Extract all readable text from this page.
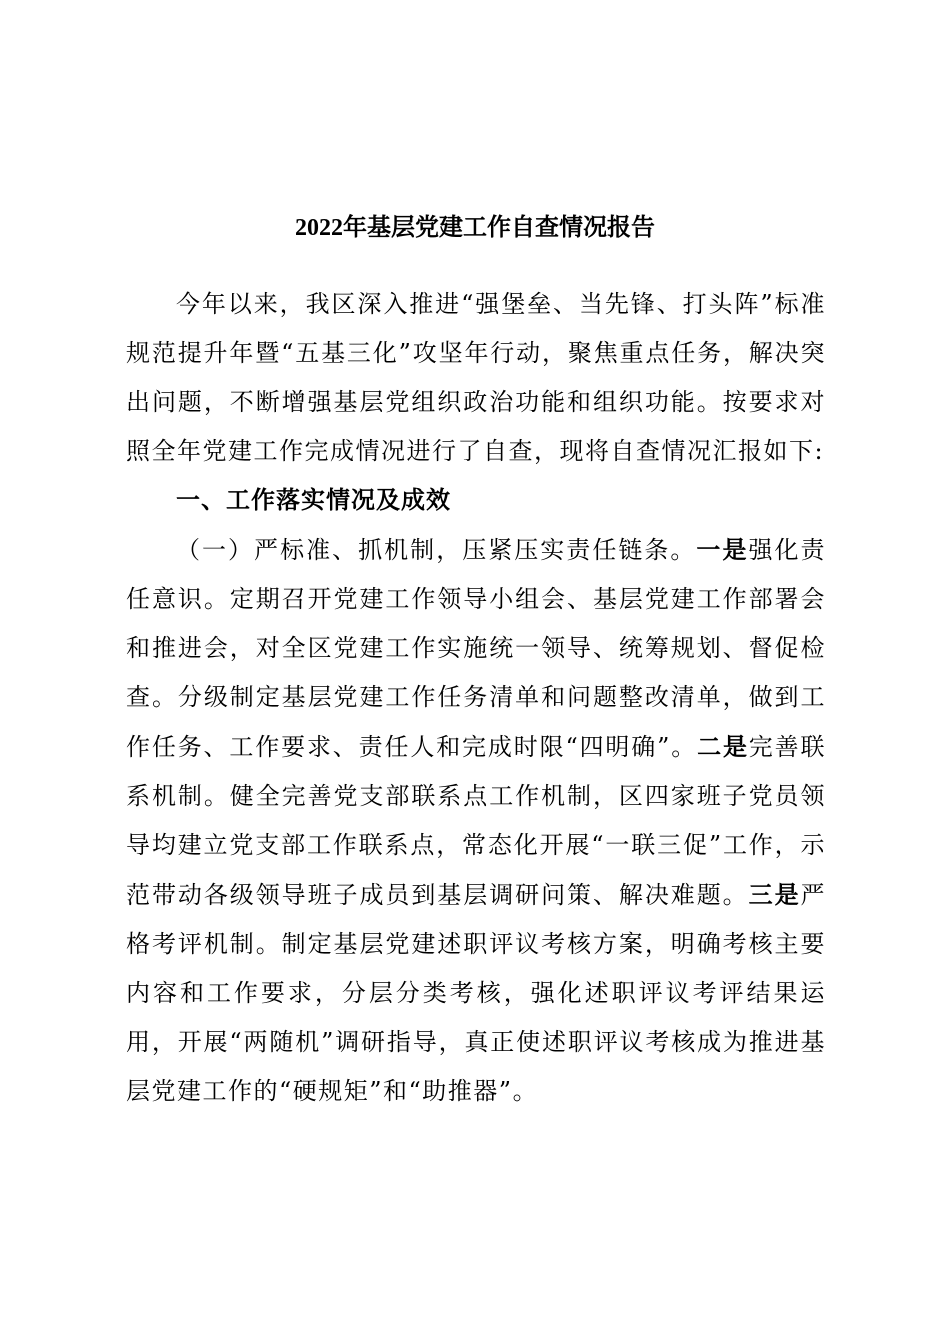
2022年基层党建工作自查情况报告

今年以来，我区深入推进“强堡垒、当先锋、打头阵”标准规范提升年暨“五基三化”攻坚年行动，聚焦重点任务，解决突出问题，不断增强基层党组织政治功能和组织功能。按要求对照全年党建工作完成情况进行了自查，现将自查情况汇报如下:

一、工作落实情况及成效

（一）严标准、抓机制，压紧压实责任链条。一是强化责任意识。定期召开党建工作领导小组会、基层党建工作部署会和推进会，对全区党建工作实施统一领导、统筹规划、督促检查。分级制定基层党建工作任务清单和问题整改清单，做到工作任务、工作要求、责任人和完成时限“四明确”。二是完善联系机制。健全完善党支部联系点工作机制，区四家班子党员领导均建立党支部工作联系点，常态化开展“一联三促”工作，示范带动各级领导班子成员到基层调研问策、解决难题。三是严格考评机制。制定基层党建述职评议考核方案，明确考核主要内容和工作要求，分层分类考核，强化述职评议考评结果运用，开展“两随机”调研指导，真正使述职评议考核成为推进基层党建工作的“硬规矩”和“助推器”。
